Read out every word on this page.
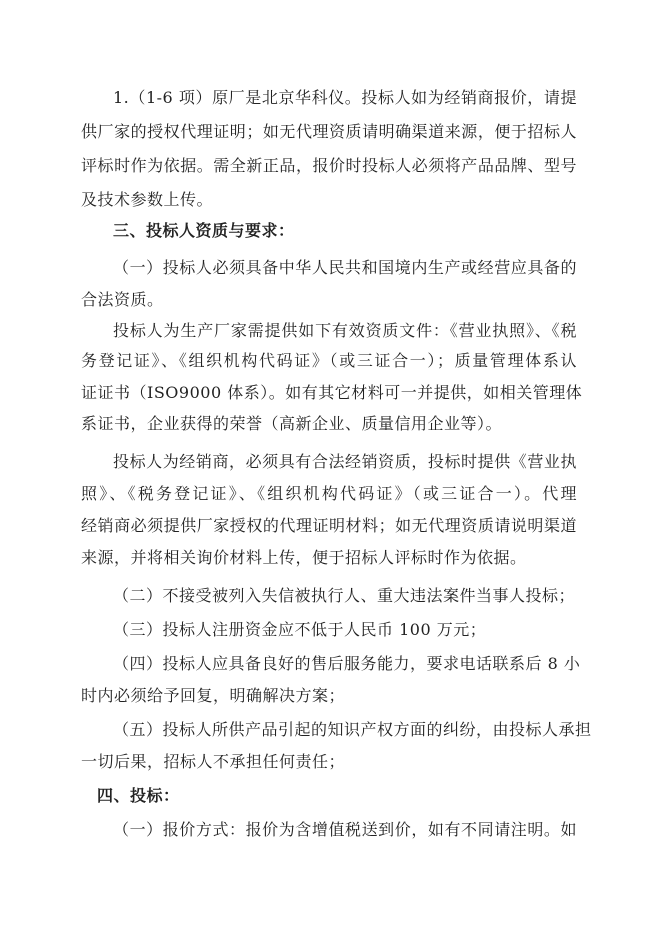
1.（1-6 项）原厂是北京华科仪。投标人如为经销商报价，请提
供厂家的授权代理证明；如无代理资质请明确渠道来源，便于招标人
评标时作为依据。需全新正品，报价时投标人必须将产品品牌、型号
及技术参数上传。
三、投标人资质与要求：
（一）投标人必须具备中华人民共和国境内生产或经营应具备的
合法资质。
投标人为生产厂家需提供如下有效资质文件：《营业执照》、《税
务登记证》、《组织机构代码证》（或三证合一）；质量管理体系认
证证书（ISO9000 体系）。如有其它材料可一并提供，如相关管理体
系证书，企业获得的荣誉（高新企业、质量信用企业等）。
投标人为经销商，必须具有合法经销资质，投标时提供《营业执
照》、《税务登记证》、《组织机构代码证》（或三证合一）。代理
经销商必须提供厂家授权的代理证明材料；如无代理资质请说明渠道
来源，并将相关询价材料上传，便于招标人评标时作为依据。
（二）不接受被列入失信被执行人、重大违法案件当事人投标；
（三）投标人注册资金应不低于人民币 100 万元；
（四）投标人应具备良好的售后服务能力，要求电话联系后 8 小
时内必须给予回复，明确解决方案；
（五）投标人所供产品引起的知识产权方面的纠纷，由投标人承担
一切后果，招标人不承担任何责任；
四、投标：
（一）报价方式：报价为含增值税送到价，如有不同请注明。如
